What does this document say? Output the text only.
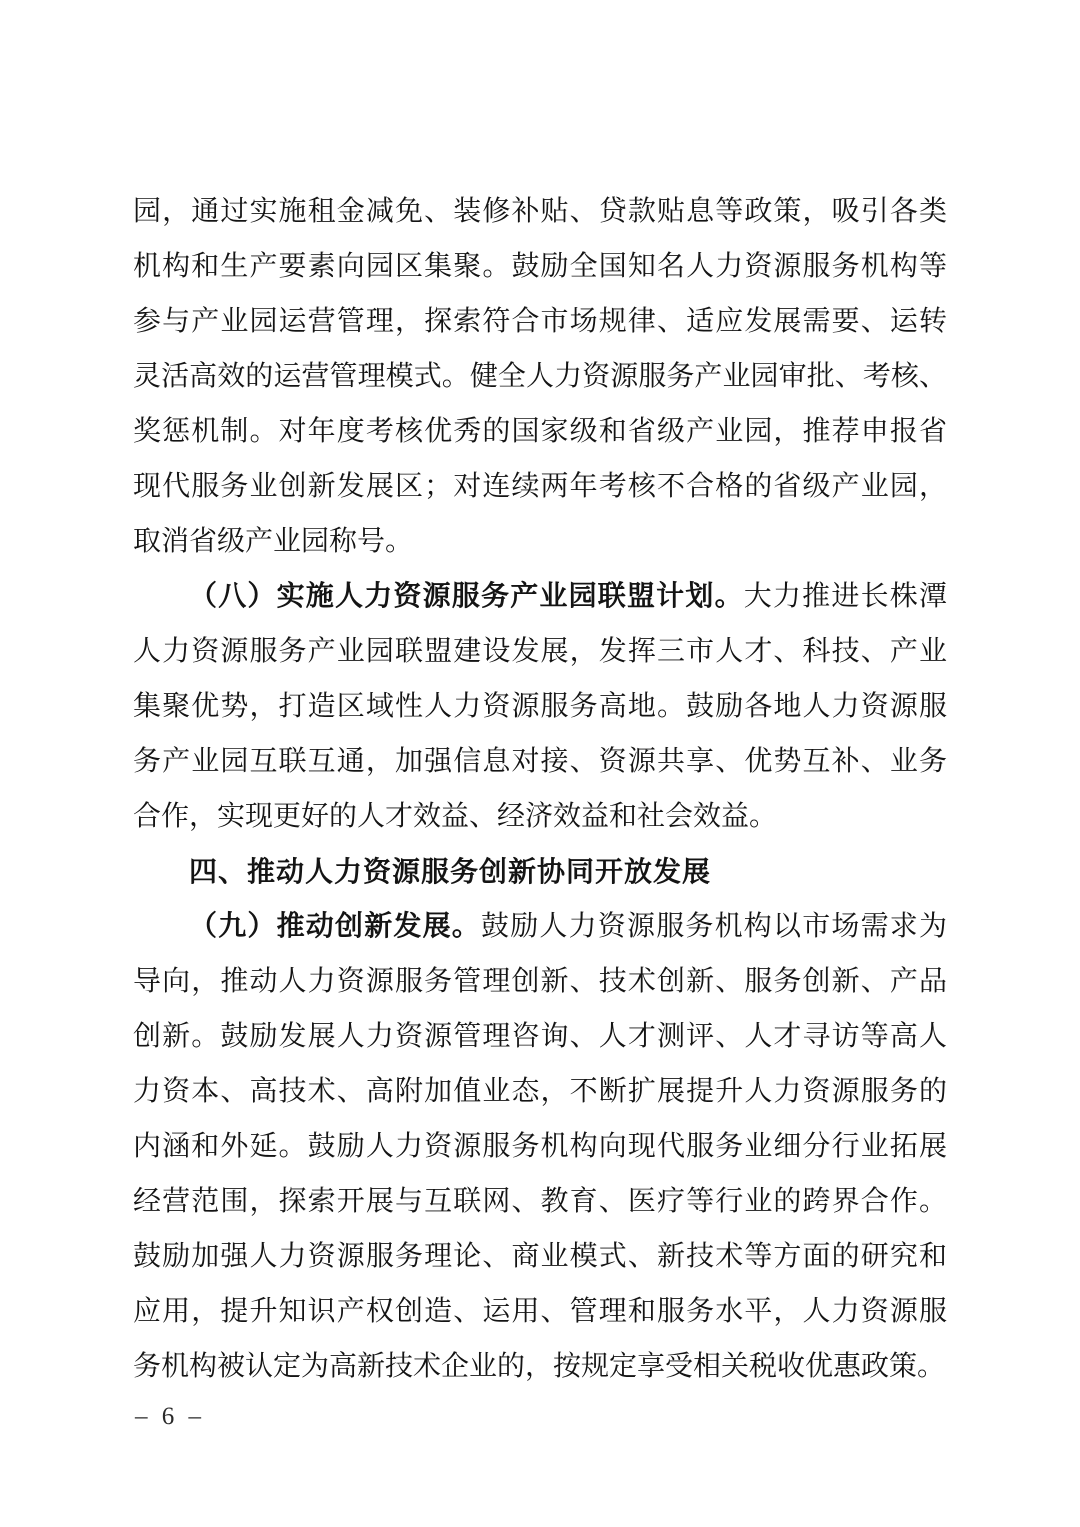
园，通过实施租金减免、装修补贴、贷款贴息等政策，吸引各类
机构和生产要素向园区集聚。鼓励全国知名人力资源服务机构等
参与产业园运营管理，探索符合市场规律、适应发展需要、运转
灵活高效的运营管理模式。健全人力资源服务产业园审批、考核、
奖惩机制。对年度考核优秀的国家级和省级产业园，推荐申报省
现代服务业创新发展区；对连续两年考核不合格的省级产业园，
取消省级产业园称号。
（八）实施人力资源服务产业园联盟计划。大力推进长株潭
人力资源服务产业园联盟建设发展，发挥三市人才、科技、产业
集聚优势，打造区域性人力资源服务高地。鼓励各地人力资源服
务产业园互联互通，加强信息对接、资源共享、优势互补、业务
合作，实现更好的人才效益、经济效益和社会效益。
四、推动人力资源服务创新协同开放发展
（九）推动创新发展。鼓励人力资源服务机构以市场需求为
导向，推动人力资源服务管理创新、技术创新、服务创新、产品
创新。鼓励发展人力资源管理咨询、人才测评、人才寻访等高人
力资本、高技术、高附加值业态，不断扩展提升人力资源服务的
内涵和外延。鼓励人力资源服务机构向现代服务业细分行业拓展
经营范围，探索开展与互联网、教育、医疗等行业的跨界合作。
鼓励加强人力资源服务理论、商业模式、新技术等方面的研究和
应用，提升知识产权创造、运用、管理和服务水平，人力资源服
务机构被认定为高新技术企业的，按规定享受相关税收优惠政策。
– 6 –
